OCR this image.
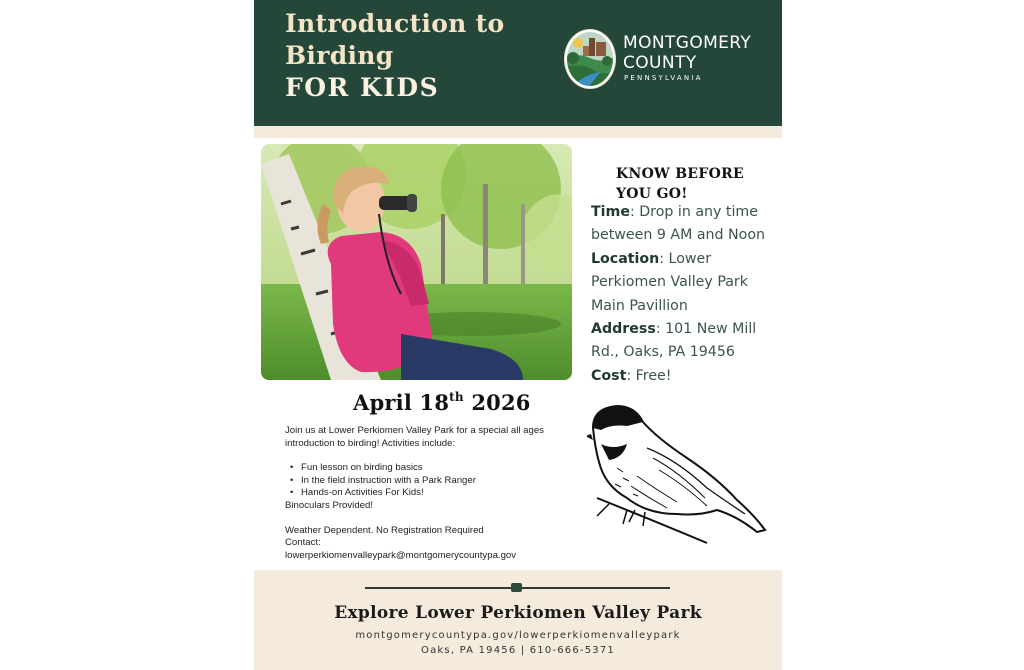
Introduction to
Birding
FOR KIDS
MONTGOMERY
COUNTY
PENNSYLVANIA
KNOW BEFORE
YOU GO!

Time: Drop in any time between 9 AM and Noon

Location: Lower Perkiomen Valley Park Main Pavillion

Address: 101 New Mill Rd., Oaks, PA 19456

Cost: Free!

April 18th 2026

Join us at Lower Perkiomen Valley Park for a special all ages introduction to birding! Activities include:

• Fun lesson on birding basics
• In the field instruction with a Park Ranger
• Hands-on Activities For Kids!

Binoculars Provided!

Weather Dependent. No Registration Required

Contact:

lowerperkiomenvalleypark@montgomerycountypa.gov

Explore Lower Perkiomen Valley Park
montgomerycountypa.gov/lowerperkiomenvalleypark
Oaks, PA 19456 | 610-666-5371
